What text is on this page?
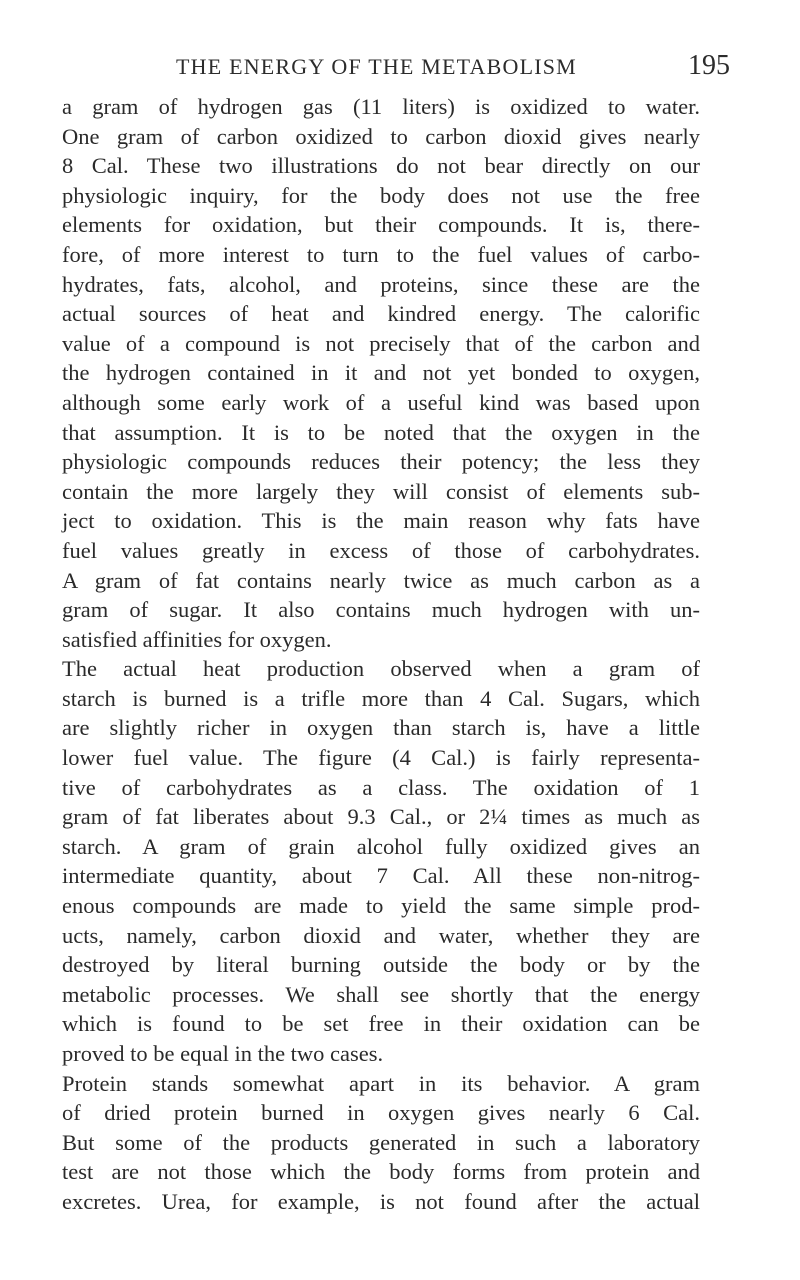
THE ENERGY OF THE METABOLISM	195
a gram of hydrogen gas (11 liters) is oxidized to water.
One gram of carbon oxidized to carbon dioxid gives nearly
8 Cal. These two illustrations do not bear directly on our
physiologic inquiry, for the body does not use the free
elements for oxidation, but their compounds. It is, there-
fore, of more interest to turn to the fuel values of carbo-
hydrates, fats, alcohol, and proteins, since these are the
actual sources of heat and kindred energy. The calorific
value of a compound is not precisely that of the carbon and
the hydrogen contained in it and not yet bonded to oxygen,
although some early work of a useful kind was based upon
that assumption. It is to be noted that the oxygen in the
physiologic compounds reduces their potency; the less they
contain the more largely they will consist of elements sub-
ject to oxidation. This is the main reason why fats have
fuel values greatly in excess of those of carbohydrates.
A gram of fat contains nearly twice as much carbon as a
gram of sugar. It also contains much hydrogen with un-
satisfied affinities for oxygen.
The actual heat production observed when a gram of
starch is burned is a trifle more than 4 Cal. Sugars, which
are slightly richer in oxygen than starch is, have a little
lower fuel value. The figure (4 Cal.) is fairly representa-
tive of carbohydrates as a class. The oxidation of 1
gram of fat liberates about 9.3 Cal., or 2¼ times as much as
starch. A gram of grain alcohol fully oxidized gives an
intermediate quantity, about 7 Cal. All these non-nitrog-
enous compounds are made to yield the same simple prod-
ucts, namely, carbon dioxid and water, whether they are
destroyed by literal burning outside the body or by the
metabolic processes. We shall see shortly that the energy
which is found to be set free in their oxidation can be
proved to be equal in the two cases.
Protein stands somewhat apart in its behavior. A gram
of dried protein burned in oxygen gives nearly 6 Cal.
But some of the products generated in such a laboratory
test are not those which the body forms from protein and
excretes. Urea, for example, is not found after the actual
